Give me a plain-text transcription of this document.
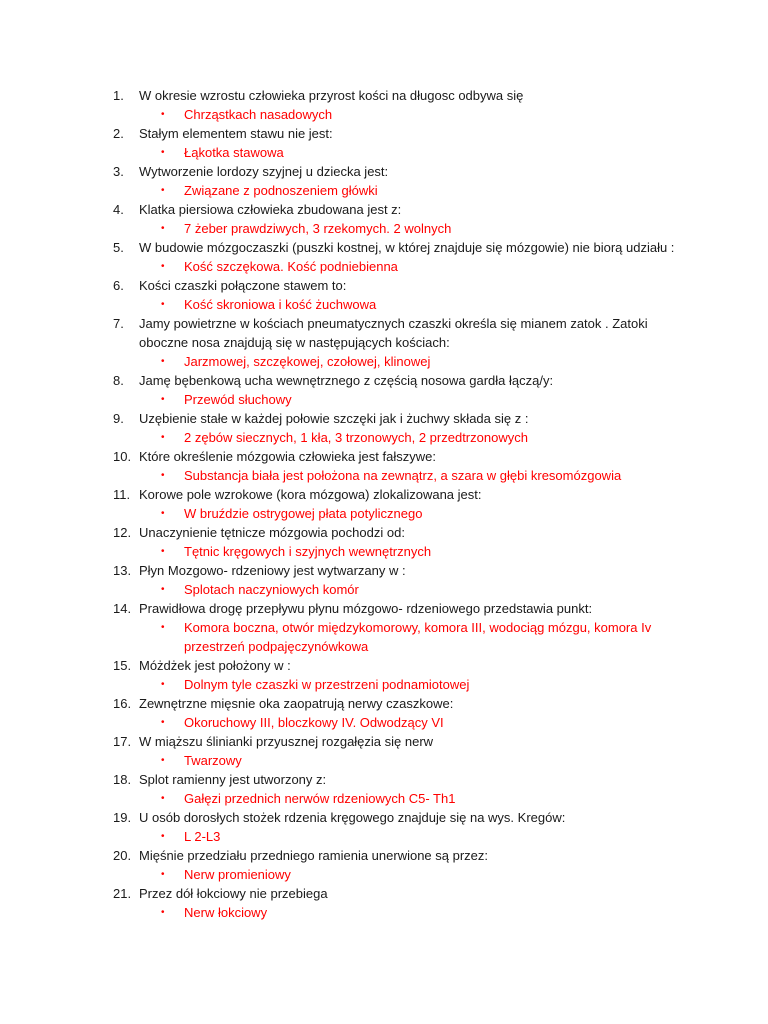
1.	W okresie wzrostu człowieka przyrost kości na długosc odbywa się
• Chrząstkach nasadowych
2.	Stałym elementem stawu nie jest:
• Łąkotka stawowa
3.	Wytworzenie lordozy szyjnej u dziecka jest:
• Związane z podnoszeniem główki
4.	Klatka piersiowa człowieka zbudowana jest z:
• 7 żeber prawdziwych, 3 rzekomych. 2 wolnych
5.	W budowie mózgoczaszki (puszki kostnej, w której znajduje się mózgowie) nie biorą udziału :
• Kość szczękowa. Kość podniebienna
6.	Kości czaszki połączone stawem to:
• Kość skroniowa i kość żuchwowa
7.	Jamy powietrzne w kościach pneumatycznych czaszki określa się mianem zatok . Zatoki
oboczne nosa znajdują się w następujących kościach:
• Jarzmowej, szczękowej, czołowej, klinowej
8.	Jamę bębenkową ucha wewnętrznego z częścią nosowa gardła łączą/y:
• Przewód słuchowy
9.	Uzębienie stałe w każdej połowie szczęki jak i żuchwy składa się z :
• 2 zębów siecznych, 1 kła, 3 trzonowych, 2 przedtrzonowych
10. Które określenie mózgowia człowieka jest fałszywe:
• Substancja biała jest położona na zewnątrz, a szara w głębi kresomózgowia
11. Korowe pole wzrokowe (kora mózgowa) zlokalizowana jest:
• W bruździe ostrygowej płata potylicznego
12. Unaczynienie tętnicze mózgowia pochodzi od:
• Tętnic kręgowych i szyjnych wewnętrznych
13. Płyn Mozgowo- rdzeniowy jest wytwarzany w :
• Splotach naczyniowych komór
14. Prawidłowa drogę przepływu płynu mózgowo- rdzeniowego przedstawia punkt:
• Komora boczna, otwór międzykomorowy, komora III, wodociąg mózgu, komora Iv
przestrzeń podpajęczynówkowa
15. Móżdżek jest położony w :
• Dolnym tyle czaszki w przestrzeni podnamiotowej
16. Zewnętrzne mięsnie oka zaopatrują nerwy czaszkowe:
• Okoruchowy III, bloczkowy IV. Odwodzący VI
17. W miąższu ślinianki przyusznej rozgałęzia się nerw
• Twarzowy
18. Splot ramienny jest utworzony z:
• Gałęzi przednich nerwów rdzeniowych C5- Th1
19. U osób dorosłych stożek rdzenia kręgowego znajduje się na wys. Kregów:
• L 2-L3
20. Mięśnie przedziału przedniego ramienia unerwione są przez:
• Nerw promieniowy
21. Przez dół łokciowy nie przebiega
• Nerw łokciowy
